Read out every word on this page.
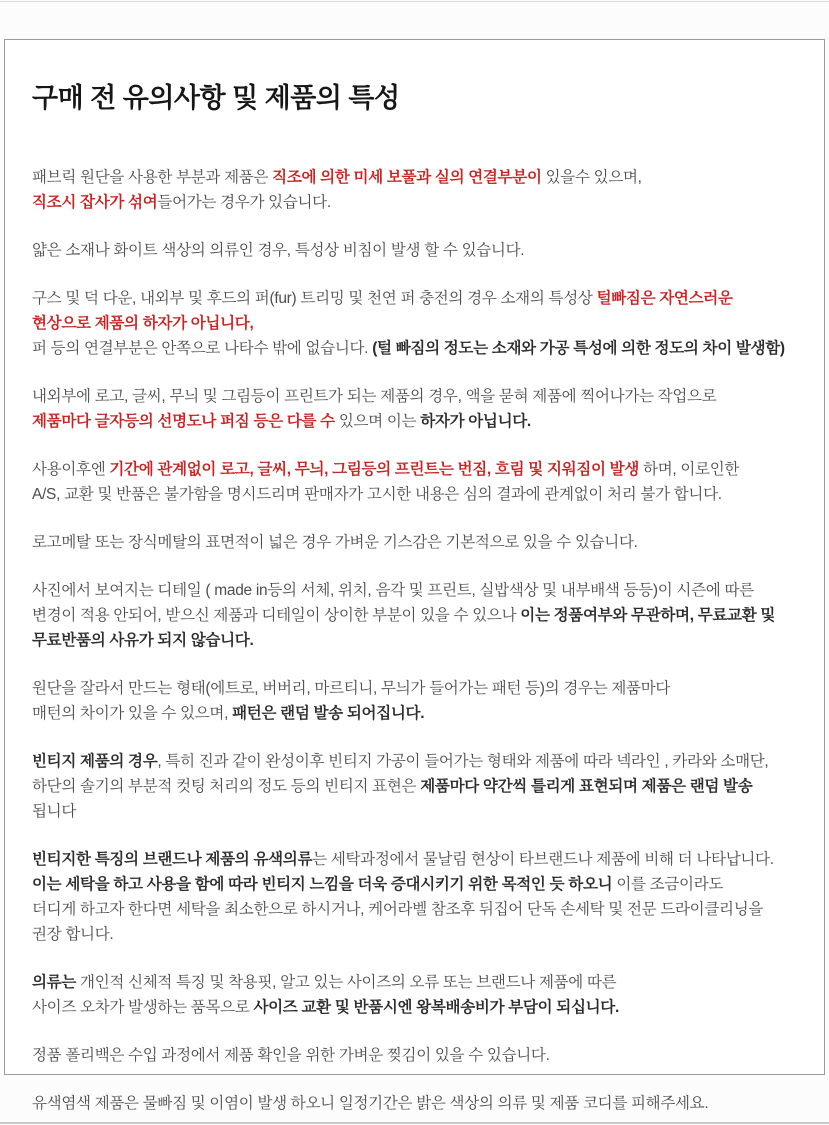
구매 전 유의사항 및 제품의 특성
패브릭 원단을 사용한 부분과 제품은 직조에 의한 미세 보풀과 실의 연결부분이 있을수 있으며,
직조시 잡사가 섞여들어가는 경우가 있습니다.
얇은 소재나 화이트 색상의 의류인 경우, 특성상 비침이 발생 할 수 있습니다.
구스 및 덕 다운, 내외부 및 후드의 퍼(fur) 트리밍 및 천연 퍼 충전의 경우 소재의 특성상 털빠짐은 자연스러운
현상으로 제품의 하자가 아닙니다,
퍼 등의 연결부분은 안쪽으로 나타수 밖에 없습니다. (털 빠짐의 정도는 소재와 가공 특성에 의한 정도의 차이 발생함)
내외부에 로고, 글씨, 무늬 및 그림등이 프린트가 되는 제품의 경우, 액을 묻혀 제품에 찍어나가는 작업으로
제품마다 글자등의 선명도나 퍼짐 등은 다를 수 있으며 이는 하자가 아닙니다.
사용이후엔 기간에 관계없이 로고, 글씨, 무늬, 그림등의 프린트는 번짐, 흐림 및 지워짐이 발생 하며, 이로인한
A/S, 교환 및 반품은 불가함을 명시드리며 판매자가 고시한 내용은 심의 결과에 관계없이 처리 불가 합니다.
로고메탈 또는 장식메탈의 표면적이 넓은 경우 가벼운 기스감은 기본적으로 있을 수 있습니다.
사진에서 보여지는 디테일 ( made in등의 서체, 위치, 음각 및 프린트, 실밥색상 및 내부배색 등등)이 시즌에 따른
변경이 적용 안되어, 받으신 제품과 디테일이 상이한 부분이 있을 수 있으나 이는 정품여부와 무관하며, 무료교환 및
무료반품의 사유가 되지 않습니다.
원단을 잘라서 만드는 형태(에트로, 버버리, 마르티니, 무늬가 들어가는 패턴 등)의 경우는 제품마다
매턴의 차이가 있을 수 있으며, 패턴은 랜덤 발송 되어집니다.
빈티지 제품의 경우, 특히 진과 같이 완성이후 빈티지 가공이 들어가는 형태와 제품에 따라 넥라인 , 카라와 소매단,
하단의 솔기의 부분적 컷팅 처리의 정도 등의 빈티지 표현은 제품마다 약간씩 틀리게 표현되며 제품은 랜덤 발송
됩니다
빈티지한 특징의 브랜드나 제품의 유색의류는 세탁과정에서 물날림 현상이 타브랜드나 제품에 비해 더 나타납니다.
이는 세탁을 하고 사용을 함에 따라 빈티지 느낌을 더욱 증대시키기 위한 목적인 듯 하오니 이를 조금이라도
더디게 하고자 한다면 세탁을 최소한으로 하시거나, 케어라벨 참조후 뒤집어 단독 손세탁 및 전문 드라이클리닝을
권장 합니다.
의류는 개인적 신체적 특징 및 착용핏, 알고 있는 사이즈의 오류 또는 브랜드나 제품에 따른
사이즈 오차가 발생하는 품목으로 사이즈 교환 및 반품시엔 왕복배송비가 부담이 되십니다.
정품 폴리백은 수입 과정에서 제품 확인을 위한 가벼운 찢김이 있을 수 있습니다.
유색염색 제품은 물빠짐 및 이염이 발생 하오니 일정기간은 밝은 색상의 의류 및 제품 코디를 피해주세요.
